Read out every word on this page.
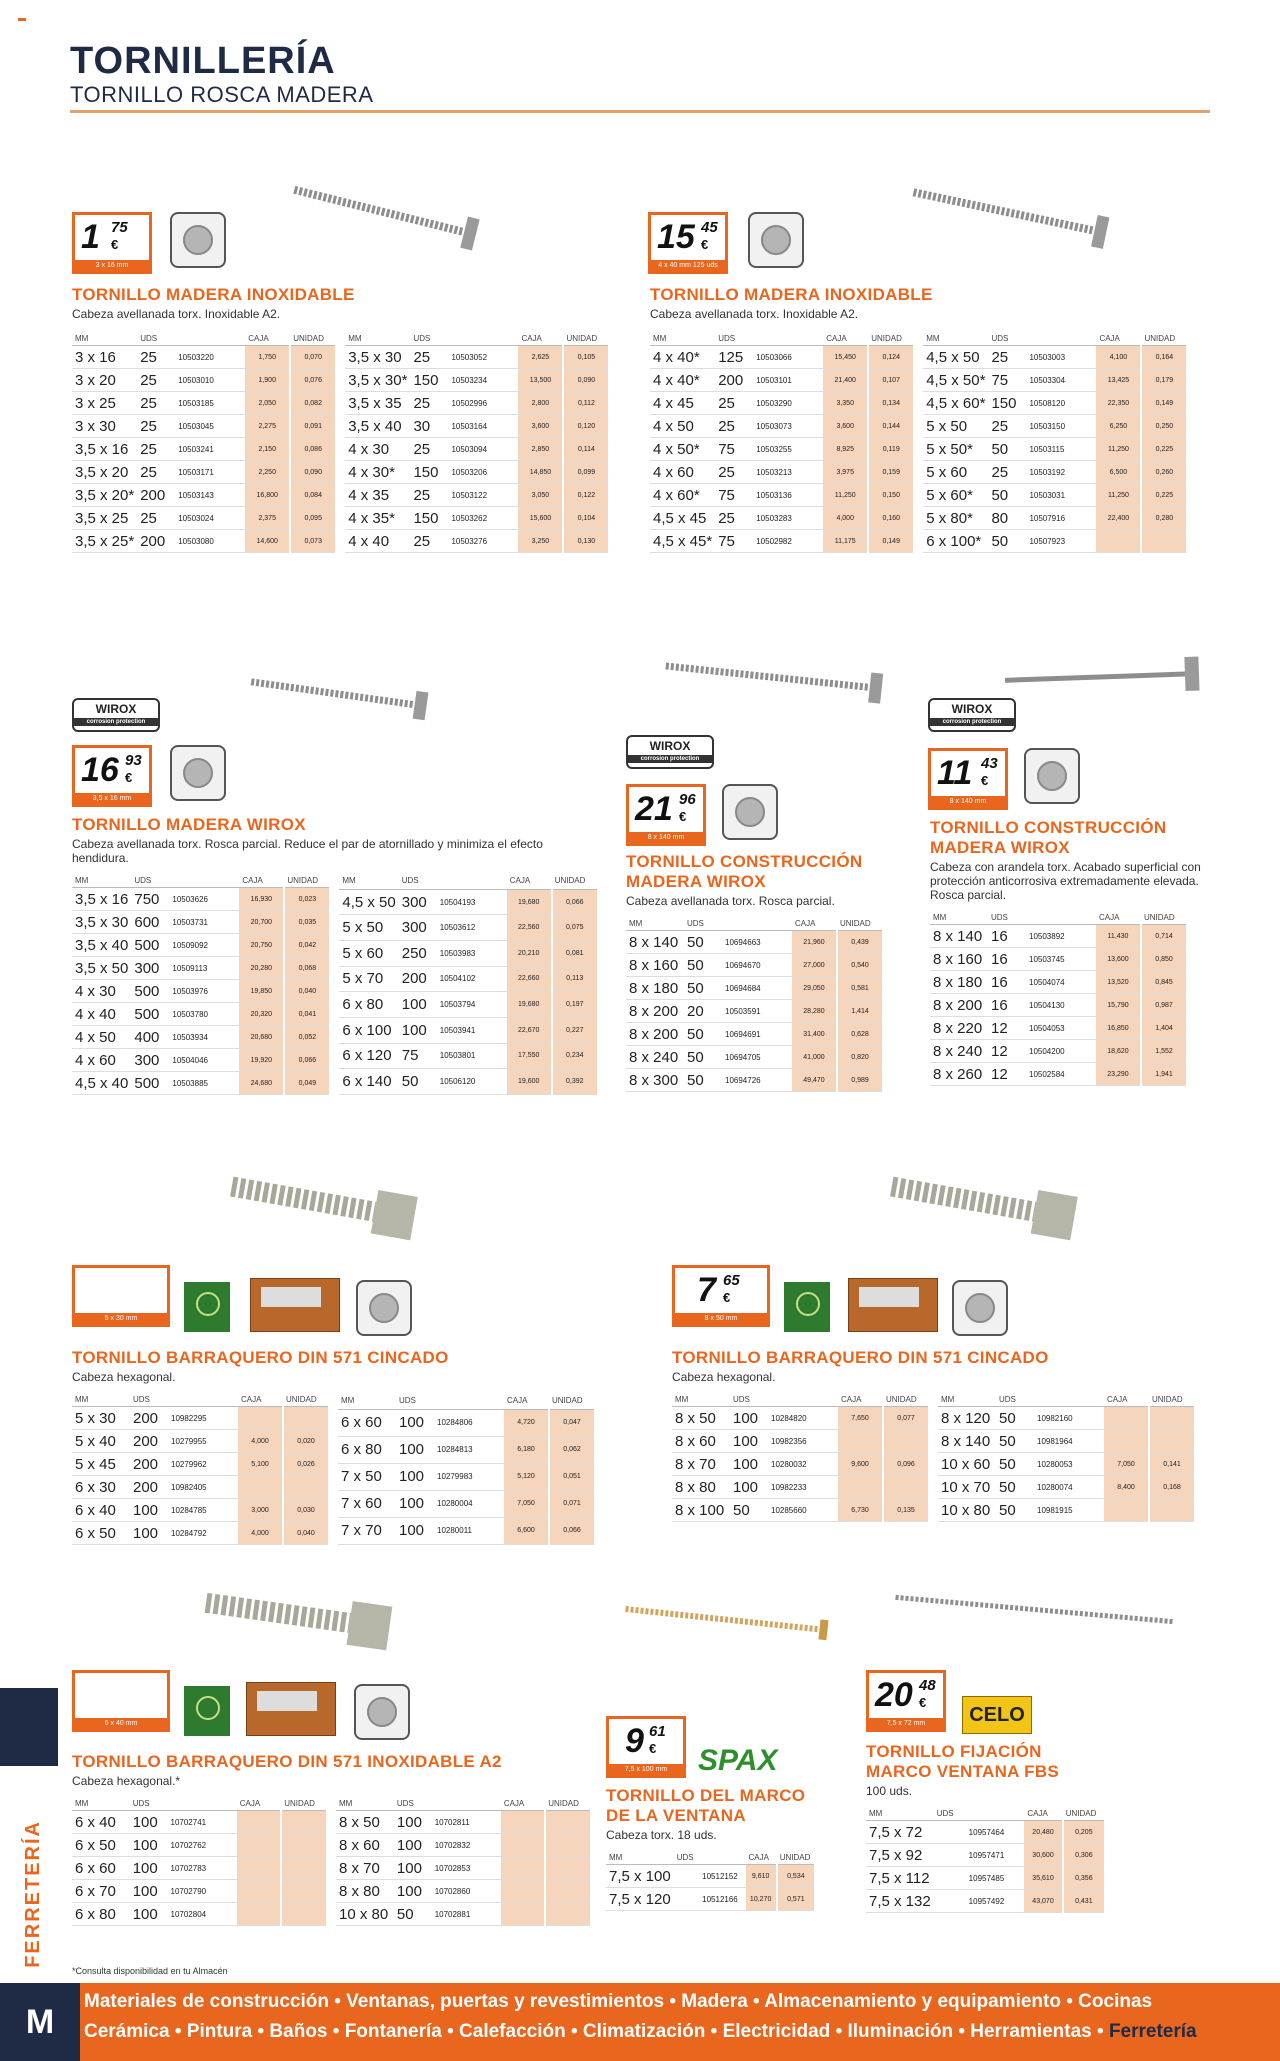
TORNILLERÍA
TORNILLO ROSCA MADERA
1 75
€
3 x 16 mm
TORNILLO MADERA INOXIDABLE
Cabeza avellanada torx. Inoxidable A2.
MM	UDS		CAJA	UNIDAD
3 x 16	25	10503220	1,750	0,070
3 x 20	25	10503010	1,900	0,076
3 x 25	25	10503185	2,050	0,082
3 x 30	25	10503045	2,275	0,091
3,5 x 16	25	10503241	2,150	0,086
3,5 x 20	25	10503171	2,250	0,090
3,5 x 20*	200	10503143	16,800	0,084
3,5 x 25	25	10503024	2,375	0,095
3,5 x 25*	200	10503080	14,600	0,073
MM	UDS		CAJA	UNIDAD
3,5 x 30	25	10503052	2,625	0,105
3,5 x 30*	150	10503234	13,500	0,090
3,5 x 35	25	10502996	2,800	0,112
3,5 x 40	30	10503164	3,600	0,120
4 x 30	25	10503094	2,850	0,114
4 x 30*	150	10503206	14,850	0,099
4 x 35	25	10503122	3,050	0,122
4 x 35*	150	10503262	15,600	0,104
4 x 40	25	10503276	3,250	0,130
15 45
€
4 x 40 mm 125 uds
TORNILLO MADERA INOXIDABLE
Cabeza avellanada torx. Inoxidable A2.
MM	UDS		CAJA	UNIDAD
4 x 40*	125	10503066	15,450	0,124
4 x 40*	200	10503101	21,400	0,107
4 x 45	25	10503290	3,350	0,134
4 x 50	25	10503073	3,600	0,144
4 x 50*	75	10503255	8,925	0,119
4 x 60	25	10503213	3,975	0,159
4 x 60*	75	10503136	11,250	0,150
4,5 x 45	25	10503283	4,000	0,160
4,5 x 45*	75	10502982	11,175	0,149
MM	UDS		CAJA	UNIDAD
4,5 x 50	25	10503003	4,100	0,164
4,5 x 50*	75	10503304	13,425	0,179
4,5 x 60*	150	10508120	22,350	0,149
5 x 50	25	10503150	6,250	0,250
5 x 50*	50	10503115	11,250	0,225
5 x 60	25	10503192	6,500	0,260
5 x 60*	50	10503031	11,250	0,225
5 x 80*	80	10507916	22,400	0,280
6 x 100*	50	10507923		
WIROX
corrosion protection
16 93
€
3,5 x 16 mm
TORNILLO MADERA WIROX
Cabeza avellanada torx. Rosca parcial. Reduce el par de atornillado y minimiza el efecto hendidura.
MM	UDS		CAJA	UNIDAD
3,5 x 16	750	10503626	16,930	0,023
3,5 x 30	600	10503731	20,700	0,035
3,5 x 40	500	10509092	20,750	0,042
3,5 x 50	300	10509113	20,280	0,068
4 x 30	500	10503976	19,850	0,040
4 x 40	500	10503780	20,320	0,041
4 x 50	400	10503934	20,680	0,052
4 x 60	300	10504046	19,920	0,066
4,5 x 40	500	10503885	24,680	0,049
MM	UDS		CAJA	UNIDAD
4,5 x 50	300	10504193	19,680	0,066
5 x 50	300	10503612	22,560	0,075
5 x 60	250	10503983	20,210	0,081
5 x 70	200	10504102	22,660	0,113
6 x 80	100	10503794	19,680	0,197
6 x 100	100	10503941	22,670	0,227
6 x 120	75	10503801	17,550	0,234
6 x 140	50	10506120	19,600	0,392
WIROX
corrosion protection
21 96
€
8 x 140 mm
TORNILLO CONSTRUCCIÓN MADERA WIROX
Cabeza avellanada torx. Rosca parcial.
MM	UDS		CAJA	UNIDAD
8 x 140	50	10694663	21,960	0,439
8 x 160	50	10694670	27,000	0,540
8 x 180	50	10694684	29,050	0,581
8 x 200	20	10503591	28,280	1,414
8 x 200	50	10694691	31,400	0,628
8 x 240	50	10694705	41,000	0,820
8 x 300	50	10694726	49,470	0,989
WIROX
corrosion protection
11 43
€
8 x 140 mm
TORNILLO CONSTRUCCIÓN MADERA WIROX
Cabeza con arandela torx. Acabado superficial con protección anticorrosiva extremadamente elevada. Rosca parcial.
MM	UDS		CAJA	UNIDAD
8 x 140	16	10503892	11,430	0,714
8 x 160	16	10503745	13,600	0,850
8 x 180	16	10504074	13,520	0,845
8 x 200	16	10504130	15,790	0,987
8 x 220	12	10504053	16,850	1,404
8 x 240	12	10504200	18,620	1,552
8 x 260	12	10502584	23,290	1,941
5 x 30 mm
TORNILLO BARRAQUERO DIN 571 CINCADO
Cabeza hexagonal.
MM	UDS		CAJA	UNIDAD
5 x 30	200	10982295		
5 x 40	200	10279955	4,000	0,020
5 x 45	200	10279962	5,100	0,026
6 x 30	200	10982405		
6 x 40	100	10284785	3,000	0,030
6 x 50	100	10284792	4,000	0,040
MM	UDS		CAJA	UNIDAD
6 x 60	100	10284806	4,720	0,047
6 x 80	100	10284813	6,180	0,062
7 x 50	100	10279983	5,120	0,051
7 x 60	100	10280004	7,050	0,071
7 x 70	100	10280011	6,600	0,066
7 65
€
8 x 50 mm
TORNILLO BARRAQUERO DIN 571 CINCADO
Cabeza hexagonal.
MM	UDS		CAJA	UNIDAD
8 x 50	100	10284820	7,650	0,077
8 x 60	100	10982356		
8 x 70	100	10280032	9,600	0,096
8 x 80	100	10982233		
8 x 100	50	10285660	6,730	0,135
MM	UDS		CAJA	UNIDAD
8 x 120	50	10982160		
8 x 140	50	10981964		
10 x 60	50	10280053	7,050	0,141
10 x 70	50	10280074	8,400	0,168
10 x 80	50	10981915		
6 x 40 mm
TORNILLO BARRAQUERO DIN 571 INOXIDABLE A2
Cabeza hexagonal.*
MM	UDS		CAJA	UNIDAD
6 x 40	100	10702741		
6 x 50	100	10702762		
6 x 60	100	10702783		
6 x 70	100	10702790		
6 x 80	100	10702804		
MM	UDS		CAJA	UNIDAD
8 x 50	100	10702811		
8 x 60	100	10702832		
8 x 70	100	10702853		
8 x 80	100	10702860		
10 x 80	50	10702881		
9 61
€
7,5 x 100 mm	SPAX
TORNILLO DEL MARCO DE LA VENTANA
Cabeza torx. 18 uds.
MM	UDS		CAJA	UNIDAD
7,5 x 100		10512152	9,610	0,534
7,5 x 120		10512166	10,270	0,571
20 48
€
7,5 x 72 mm	CELO
TORNILLO FIJACIÓN MARCO VENTANA FBS
100 uds.
MM	UDS		CAJA	UNIDAD
7,5 x 72		10957464	20,480	0,205
7,5 x 92		10957471	30,600	0,306
7,5 x 112		10957485	35,610	0,356
7,5 x 132		10957492	43,070	0,431
FERRETERÍA
*Consulta disponibilidad en tu Almacén
Materiales de construcción • Ventanas, puertas y revestimientos • Madera • Almacenamiento y equipamiento • Cocinas
Cerámica • Pintura • Baños • Fontanería • Calefacción • Climatización • Electricidad • Iluminación • Herramientas • Ferretería
M
